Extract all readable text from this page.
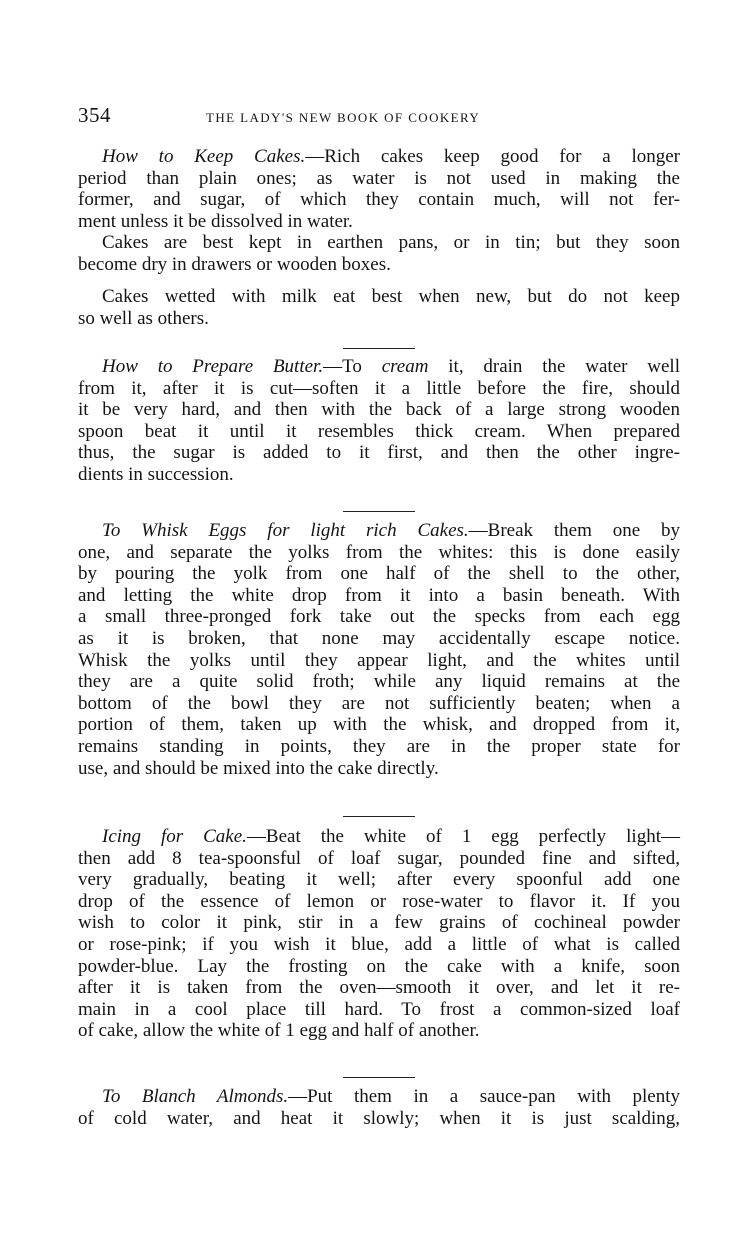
354	THE LADY'S NEW BOOK OF COOKERY
How to Keep Cakes.—Rich cakes keep good for a longer
period than plain ones; as water is not used in making the
former, and sugar, of which they contain much, will not fer-
ment unless it be dissolved in water.
Cakes are best kept in earthen pans, or in tin; but they soon
become dry in drawers or wooden boxes.
Cakes wetted with milk eat best when new, but do not keep
so well as others.
How to Prepare Butter.—To cream it, drain the water well
from it, after it is cut—soften it a little before the fire, should
it be very hard, and then with the back of a large strong wooden
spoon beat it until it resembles thick cream. When prepared
thus, the sugar is added to it first, and then the other ingre-
dients in succession.
To Whisk Eggs for light rich Cakes.—Break them one by
one, and separate the yolks from the whites: this is done easily
by pouring the yolk from one half of the shell to the other,
and letting the white drop from it into a basin beneath. With
a small three-pronged fork take out the specks from each egg
as it is broken, that none may accidentally escape notice.
Whisk the yolks until they appear light, and the whites until
they are a quite solid froth; while any liquid remains at the
bottom of the bowl they are not sufficiently beaten; when a
portion of them, taken up with the whisk, and dropped from it,
remains standing in points, they are in the proper state for
use, and should be mixed into the cake directly.
Icing for Cake.—Beat the white of 1 egg perfectly light—
then add 8 tea-spoonsful of loaf sugar, pounded fine and sifted,
very gradually, beating it well; after every spoonful add one
drop of the essence of lemon or rose-water to flavor it. If you
wish to color it pink, stir in a few grains of cochineal powder
or rose-pink; if you wish it blue, add a little of what is called
powder-blue. Lay the frosting on the cake with a knife, soon
after it is taken from the oven—smooth it over, and let it re-
main in a cool place till hard. To frost a common-sized loaf
of cake, allow the white of 1 egg and half of another.
To Blanch Almonds.—Put them in a sauce-pan with plenty
of cold water, and heat it slowly; when it is just scalding,
